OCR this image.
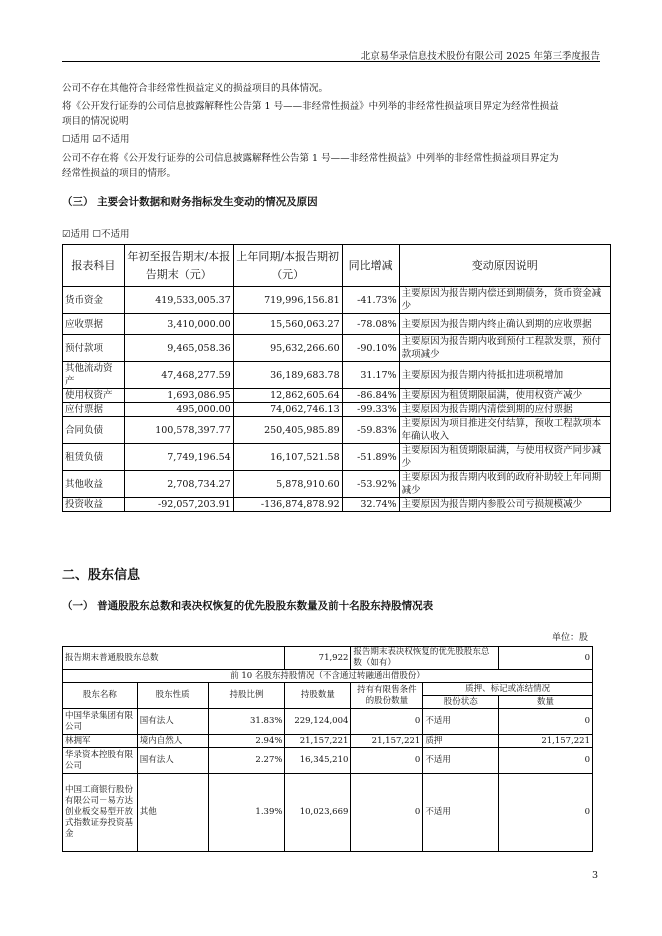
北京易华录信息技术股份有限公司 2025 年第三季度报告

公司不存在其他符合非经常性损益定义的损益项目的具体情况。

将《公开发行证券的公司信息披露解释性公告第 1 号——非经常性损益》中列举的非经常性损益项目界定为经常性损益

项目的情况说明

☐适用 ☑不适用

公司不存在将《公开发行证券的公司信息披露解释性公告第 1 号——非经常性损益》中列举的非经常性损益项目界定为

经常性损益的项目的情形。

（三） 主要会计数据和财务指标发生变动的情况及原因

☑适用 ☐不适用

报表科目	年初至报告期末/本报告期末（元）	上年同期/本报告期初（元）	同比增减	变动原因说明
货币资金	419,533,005.37	719,996,156.81	-41.73%	主要原因为报告期内偿还到期债务，货币资金减少
应收票据	3,410,000.00	15,560,063.27	-78.08%	主要原因为报告期内终止确认到期的应收票据
预付款项	9,465,058.36	95,632,266.60	-90.10%	主要原因为报告期内收到预付工程款发票，预付款项减少
其他流动资产	47,468,277.59	36,189,683.78	31.17%	主要原因为报告期内待抵扣进项税增加
使用权资产	1,693,086.95	12,862,605.64	-86.84%	主要原因为租赁期限届满，使用权资产减少
应付票据	495,000.00	74,062,746.13	-99.33%	主要原因为报告期内清偿到期的应付票据
合同负债	100,578,397.77	250,405,985.89	-59.83%	主要原因为项目推进交付结算，预收工程款项本年确认收入
租赁负债	7,749,196.54	16,107,521.58	-51.89%	主要原因为租赁期限届满，与使用权资产同步减少
其他收益	2,708,734.27	5,878,910.60	-53.92%	主要原因为报告期内收到的政府补助较上年同期减少
投资收益	-92,057,203.91	-136,874,878.92	32.74%	主要原因为报告期内参股公司亏损规模减少
二、股东信息
（一） 普通股股东总数和表决权恢复的优先股股东数量及前十名股东持股情况表
单位：股
报告期末普通股股东总数			71,922	报告期末表决权恢复的优先股股东总数（如有）		0
前 10 名股东持股情况（不含通过转融通出借股份）						
股东名称	股东性质	持股比例	持股数量	持有有限售条件的股份数量	质押、标记或冻结情况	
					股份状态	数量
中国华录集团有限公司	国有法人	31.83%	229,124,004	0	不适用	0
林拥军	境内自然人	2.94%	21,157,221	21,157,221	质押	21,157,221
华录资本控股有限公司	国有法人	2.27%	16,345,210	0	不适用	0
中国工商银行股份有限公司－易方达创业板交易型开放式指数证券投资基金	其他	1.39%	10,023,669	0	不适用	0
3
